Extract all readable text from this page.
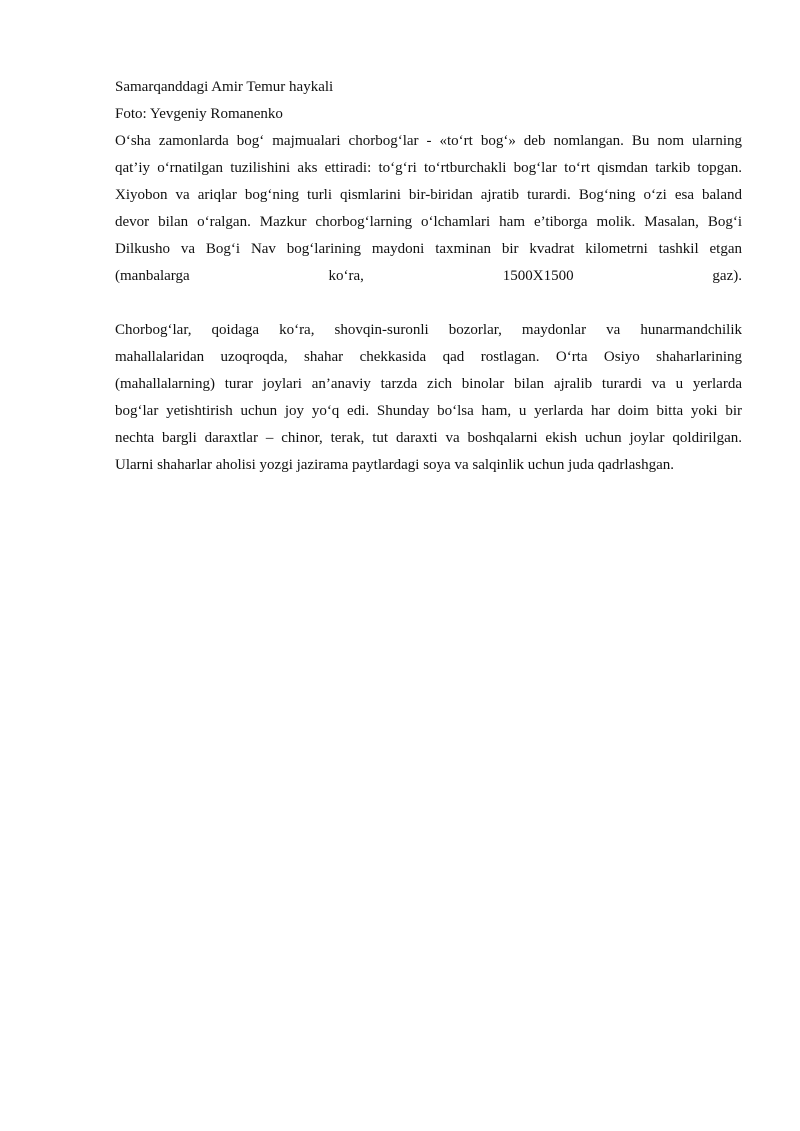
Samarqanddagi Amir Temur haykali

Foto: Yevgeniy Romanenko

O‘sha zamonlarda bog‘ majmualari chorbog‘lar - «to‘rt bog‘» deb nomlangan. Bu nom ularning
qat’iy o‘rnatilgan tuzilishini aks ettiradi: to‘g‘ri to‘rtburchakli bog‘lar to‘rt qismdan tarkib topgan.
Xiyobon va ariqlar bog‘ning turli qismlarini bir-biridan ajratib turardi. Bog‘ning o‘zi esa baland
devor bilan o‘ralgan. Mazkur chorbog‘larning o‘lchamlari ham e’tiborga molik. Masalan, Bog‘i
Dilkusho va Bog‘i Nav bog‘larining maydoni taxminan bir kvadrat kilometrni tashkil etgan
(manbalarga ko‘ra, 1500X1500 gaz).
Chorbog‘lar, qoidaga ko‘ra, shovqin-suronli bozorlar, maydonlar va hunarmandchilik
mahallalaridan uzoqroqda, shahar chekkasida qad rostlagan. O‘rta Osiyo shaharlarining
(mahallalarning) turar joylari an’anaviy tarzda zich binolar bilan ajralib turardi va u yerlarda
bog‘lar yetishtirish uchun joy yo‘q edi. Shunday bo‘lsa ham, u yerlarda har doim bitta yoki bir
nechta bargli daraxtlar – chinor, terak, tut daraxti va boshqalarni ekish uchun joylar qoldirilgan.
Ularni shaharlar aholisi yozgi jazirama paytlardagi soya va salqinlik uchun juda qadrlashgan.
